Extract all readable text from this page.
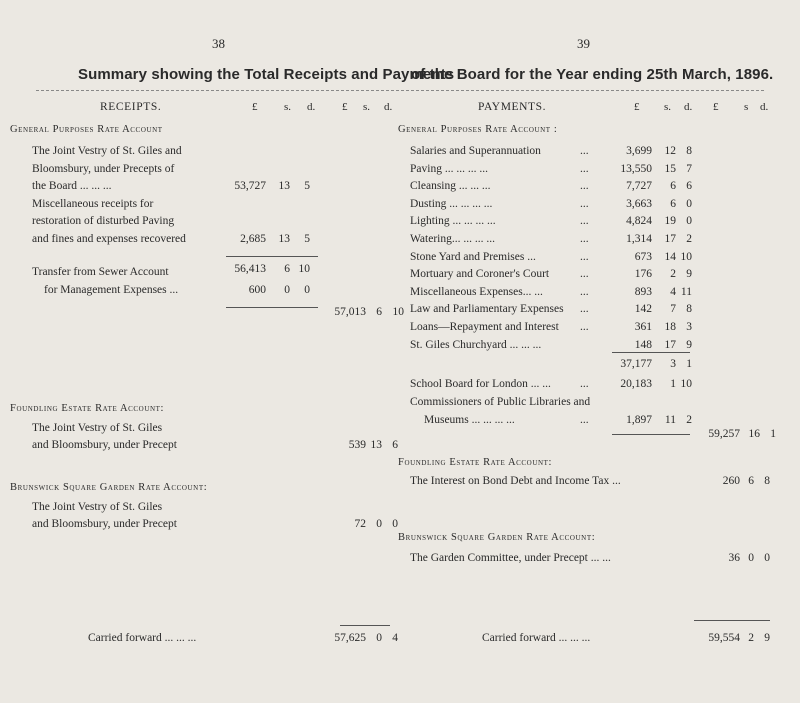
38	39
Summary showing the Total Receipts and Payments
of the Board for the Year ending 25th March, 1896.
RECEIPTS.	£ s. d. £ s. d.
General Purposes Rate Account
The Joint Vestry of St. Giles and
Bloomsbury, under Precepts of
the Board ... ... ...	53,727	13	5
Miscellaneous receipts for
restoration of disturbed Paving
and fines and expenses recovered	2,685	13	5
56,413	6 10
Transfer from Sewer Account
for Management Expenses ...	600	0	0
57,013 6 10
Foundling Estate Rate Account:
The Joint Vestry of St. Giles
and Bloomsbury, under Precept	539 13 6
Brunswick Square Garden Rate Account:
The Joint Vestry of St. Giles
and Bloomsbury, under Precept	72 0 0
Carried forward ... ... ...	57,625 0 4
PAYMENTS.	£ s. d. £ s d.
General Purposes Rate Account :
Salaries and Superannuation	...	3,699	12 8
Paving ... ... ... ...	...	13,550	15 7
Cleansing ... ... ...	...	7,727	6 6
Dusting ... ... ... ...	...	3,663	6 0
Lighting ... ... ... ...	...	4,824	19 0
Watering... ... ... ...	...	1,314	17 2
Stone Yard and Premises ...	...	673	14 10
Mortuary and Coroner's Court	...	176	2 9
Miscellaneous Expenses... ...	...	893	4 11
Law and Parliamentary Expenses ...	142	7 8
Loans—Repayment and Interest ...	361	18 3
St. Giles Churchyard ... ... ...	148	17 9
37,177	3 1
School Board for London ... ...	...	20,183	1 10
Commissioners of Public Libraries and
Museums ... ... ... ...	...	1,897	11 2
59,257 16 1
Foundling Estate Rate Account:
The Interest on Bond Debt and Income Tax ...	260 6 8
Brunswick Square Garden Rate Account:
The Garden Committee, under Precept ... ...	36 0 0
Carried forward ... ... ...	59,554 2 9
